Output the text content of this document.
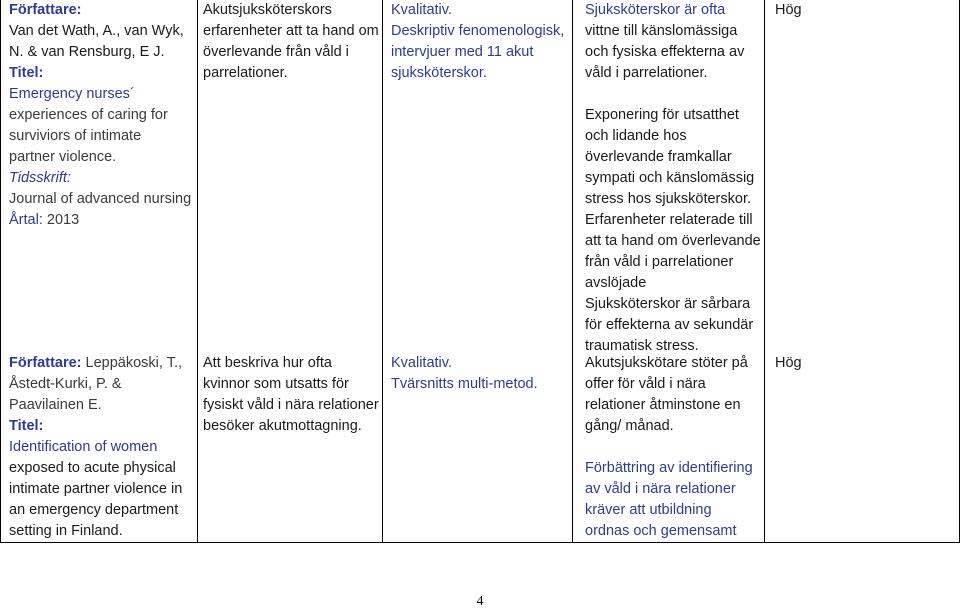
Författare:
Van det Wath, A., van Wyk,
N. & van Rensburg, E J.
Titel:
Emergency nurses´
experiences of caring for
surviviors of intimate
partner violence.
Tidsskrift:
Journal of advanced nursing
Årtal: 2013
Akutsjuksköterskors
erfarenheter att ta hand om
överlevande från våld i
parrelationer.
Kvalitativ.
Deskriptiv fenomenologisk,
intervjuer med 11 akut
sjuksköterskor.
Sjuksköterskor är ofta
vittne till känslomässiga
och fysiska effekterna av
våld i parrelationer.

Exponering för utsatthet
och lidande hos
överlevande framkallar
sympati och känslomässig
stress hos sjuksköterskor.
Erfarenheter relaterade till
att ta hand om överlevande
från våld i parrelationer
avslöjade
Sjuksköterskor är sårbara
för effekterna av sekundär
traumatisk stress.
Hög
Författare: Leppäkoski, T.,
Åstedt-Kurki, P. &
Paavilainen E.
Titel:
Identification of women
exposed to acute physical
intimate partner violence in
an emergency department
setting in Finland.
Att beskriva hur ofta
kvinnor som utsatts för
fysiskt våld i nära relationer
besöker akutmottagning.
Kvalitativ.
Tvärsnitts multi-metod.
Akutsjukskötare stöter på
offer för våld i nära
relationer åtminstone en
gång/ månad.

Förbättring av identifiering
av våld i nära relationer
kräver att utbildning
ordnas och gemensamt
Hög
4
